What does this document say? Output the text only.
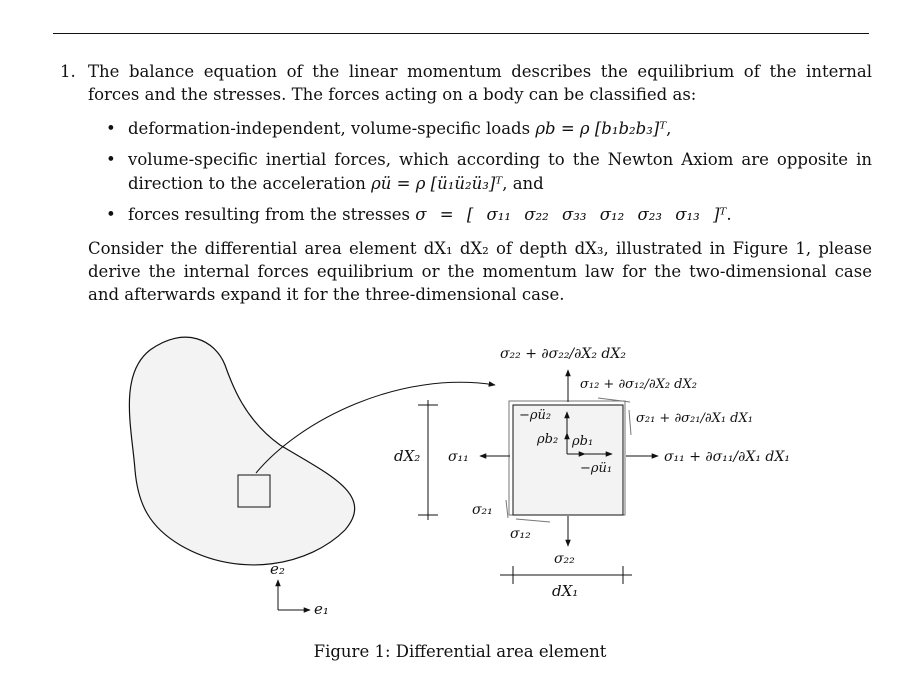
1. The balance equation of the linear momentum describes the equilibrium of the internal forces and the stresses. The forces acting on a body can be classified as:

• deformation-independent, volume-specific loads ρb = ρ [b₁b₂b₃]ᵀ,
• volume-specific inertial forces, which according to the Newton Axiom are opposite in direction to the acceleration ρü = ρ [ü₁ü₂ü₃]ᵀ, and
• forces resulting from the stresses σ = [ σ₁₁ σ₂₂ σ₃₃ σ₁₂ σ₂₃ σ₁₃ ]ᵀ.

Consider the differential area element dX₁ dX₂ of depth dX₃, illustrated in Figure 1, please derive the internal forces equilibrium or the momentum law for the two-dimensional case and afterwards expand it for the three-dimensional case.

e₁
e₂
σ₂₂ + ∂σ₂₂/∂X₂ dX₂
σ₁₂ + ∂σ₁₂/∂X₂ dX₂
σ₂₁ + ∂σ₂₁/∂X₁ dX₁
σ₁₁ + ∂σ₁₁/∂X₁ dX₁
σ₁₁
σ₂₁
σ₁₂
σ₂₂
dX₂
dX₁
−ρü₂
ρb₂ ρb₁
−ρü₁
Figure 1: Differential area element
